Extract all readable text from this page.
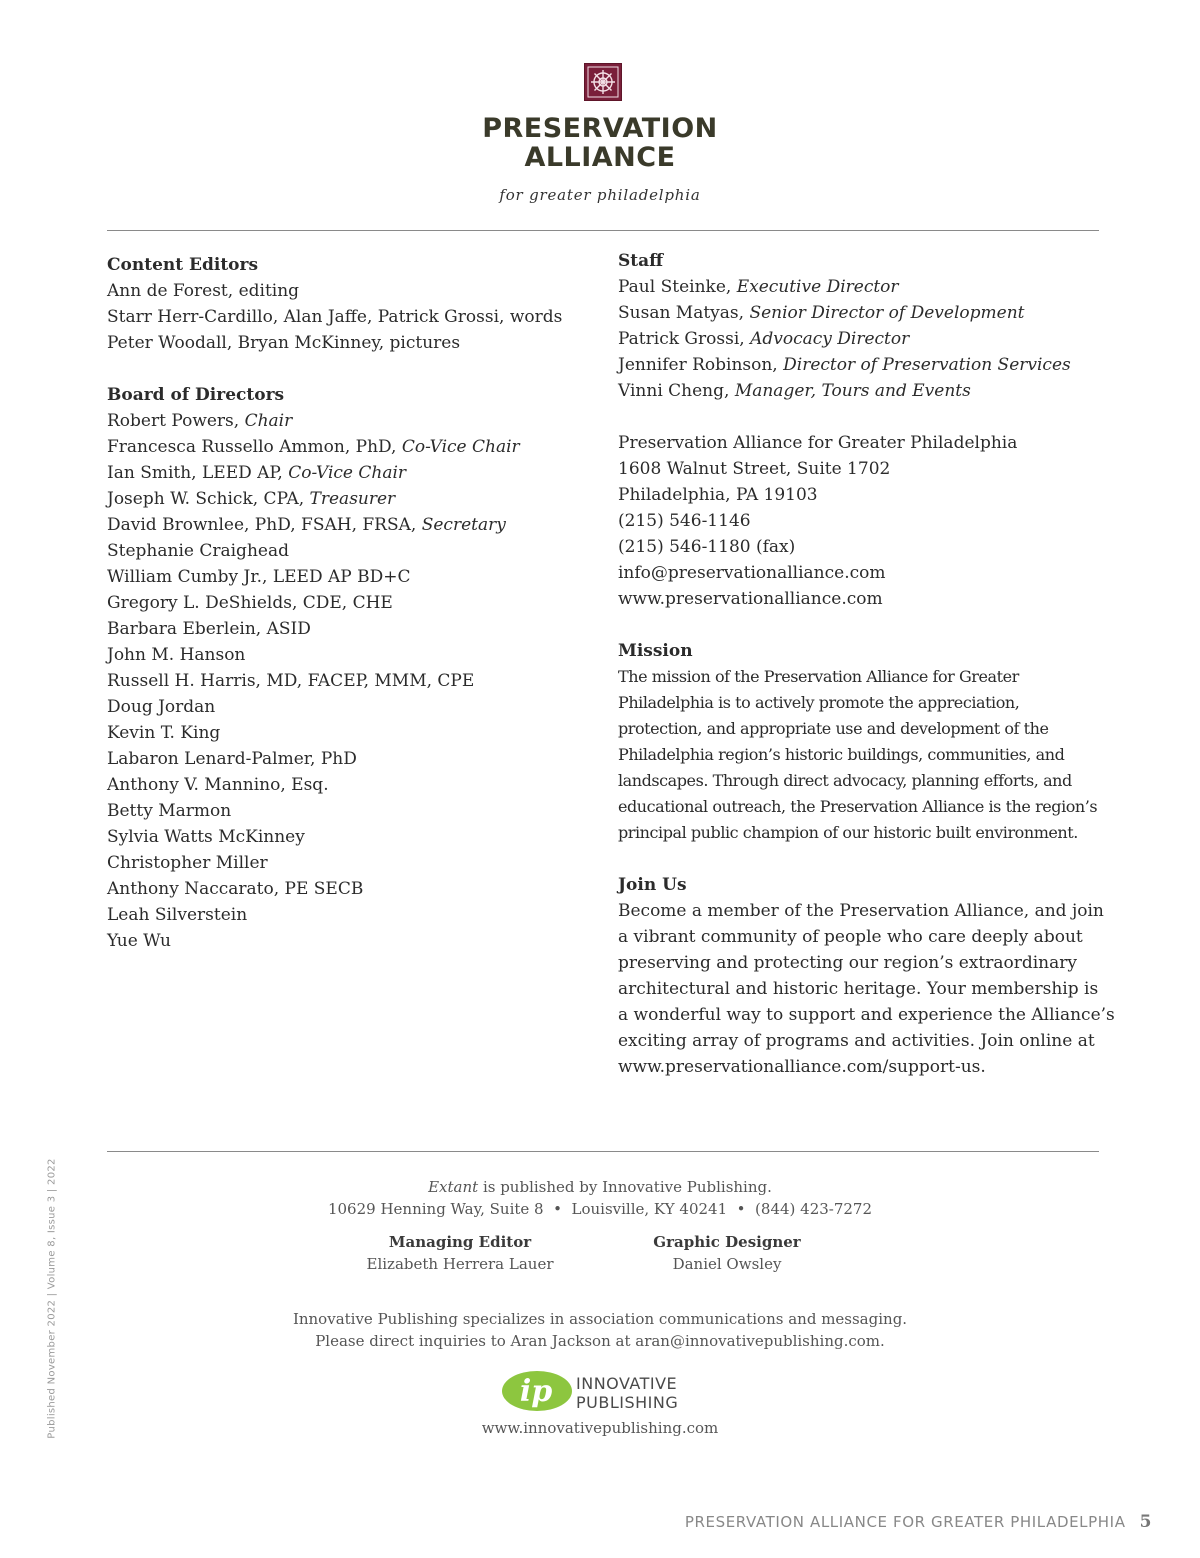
PRESERVATION
ALLIANCE
for greater philadelphia
Content Editors
Ann de Forest, editing
Starr Herr-Cardillo, Alan Jaffe, Patrick Grossi, words
Peter Woodall, Bryan McKinney, pictures
Board of Directors
Robert Powers, Chair
Francesca Russello Ammon, PhD, Co-Vice Chair
Ian Smith, LEED AP, Co-Vice Chair
Joseph W. Schick, CPA, Treasurer
David Brownlee, PhD, FSAH, FRSA, Secretary
Stephanie Craighead
William Cumby Jr., LEED AP BD+C
Gregory L. DeShields, CDE, CHE
Barbara Eberlein, ASID
John M. Hanson
Russell H. Harris, MD, FACEP, MMM, CPE
Doug Jordan
Kevin T. King
Labaron Lenard-Palmer, PhD
Anthony V. Mannino, Esq.
Betty Marmon
Sylvia Watts McKinney
Christopher Miller
Anthony Naccarato, PE SECB
Leah Silverstein
Yue Wu
Staff
Paul Steinke, Executive Director
Susan Matyas, Senior Director of Development
Patrick Grossi, Advocacy Director
Jennifer Robinson, Director of Preservation Services
Vinni Cheng, Manager, Tours and Events
Preservation Alliance for Greater Philadelphia
1608 Walnut Street, Suite 1702
Philadelphia, PA 19103
(215) 546-1146
(215) 546-1180 (fax)
info@preservationalliance.com
www.preservationalliance.com
Mission
The mission of the Preservation Alliance for Greater
Philadelphia is to actively promote the appreciation,
protection, and appropriate use and development of the
Philadelphia region’s historic buildings, communities, and
landscapes. Through direct advocacy, planning efforts, and
educational outreach, the Preservation Alliance is the region’s
principal public champion of our historic built environment.
Join Us
Become a member of the Preservation Alliance, and join
a vibrant community of people who care deeply about
preserving and protecting our region’s extraordinary
architectural and historic heritage. Your membership is
a wonderful way to support and experience the Alliance’s
exciting array of programs and activities. Join online at
www.preservationalliance.com/support-us.
Extant is published by Innovative Publishing.
10629 Henning Way, Suite 8  •  Louisville, KY 40241  •  (844) 423-7272
Managing Editor
Elizabeth Herrera Lauer
Graphic Designer
Daniel Owsley
Innovative Publishing specializes in association communications and messaging.
Please direct inquiries to Aran Jackson at aran@innovativepublishing.com.
ip INNOVATIVE
PUBLISHING
www.innovativepublishing.com
Published November 2022 | Volume 8, Issue 3 | 2022
PRESERVATION ALLIANCE FOR GREATER PHILADELPHIA 5
